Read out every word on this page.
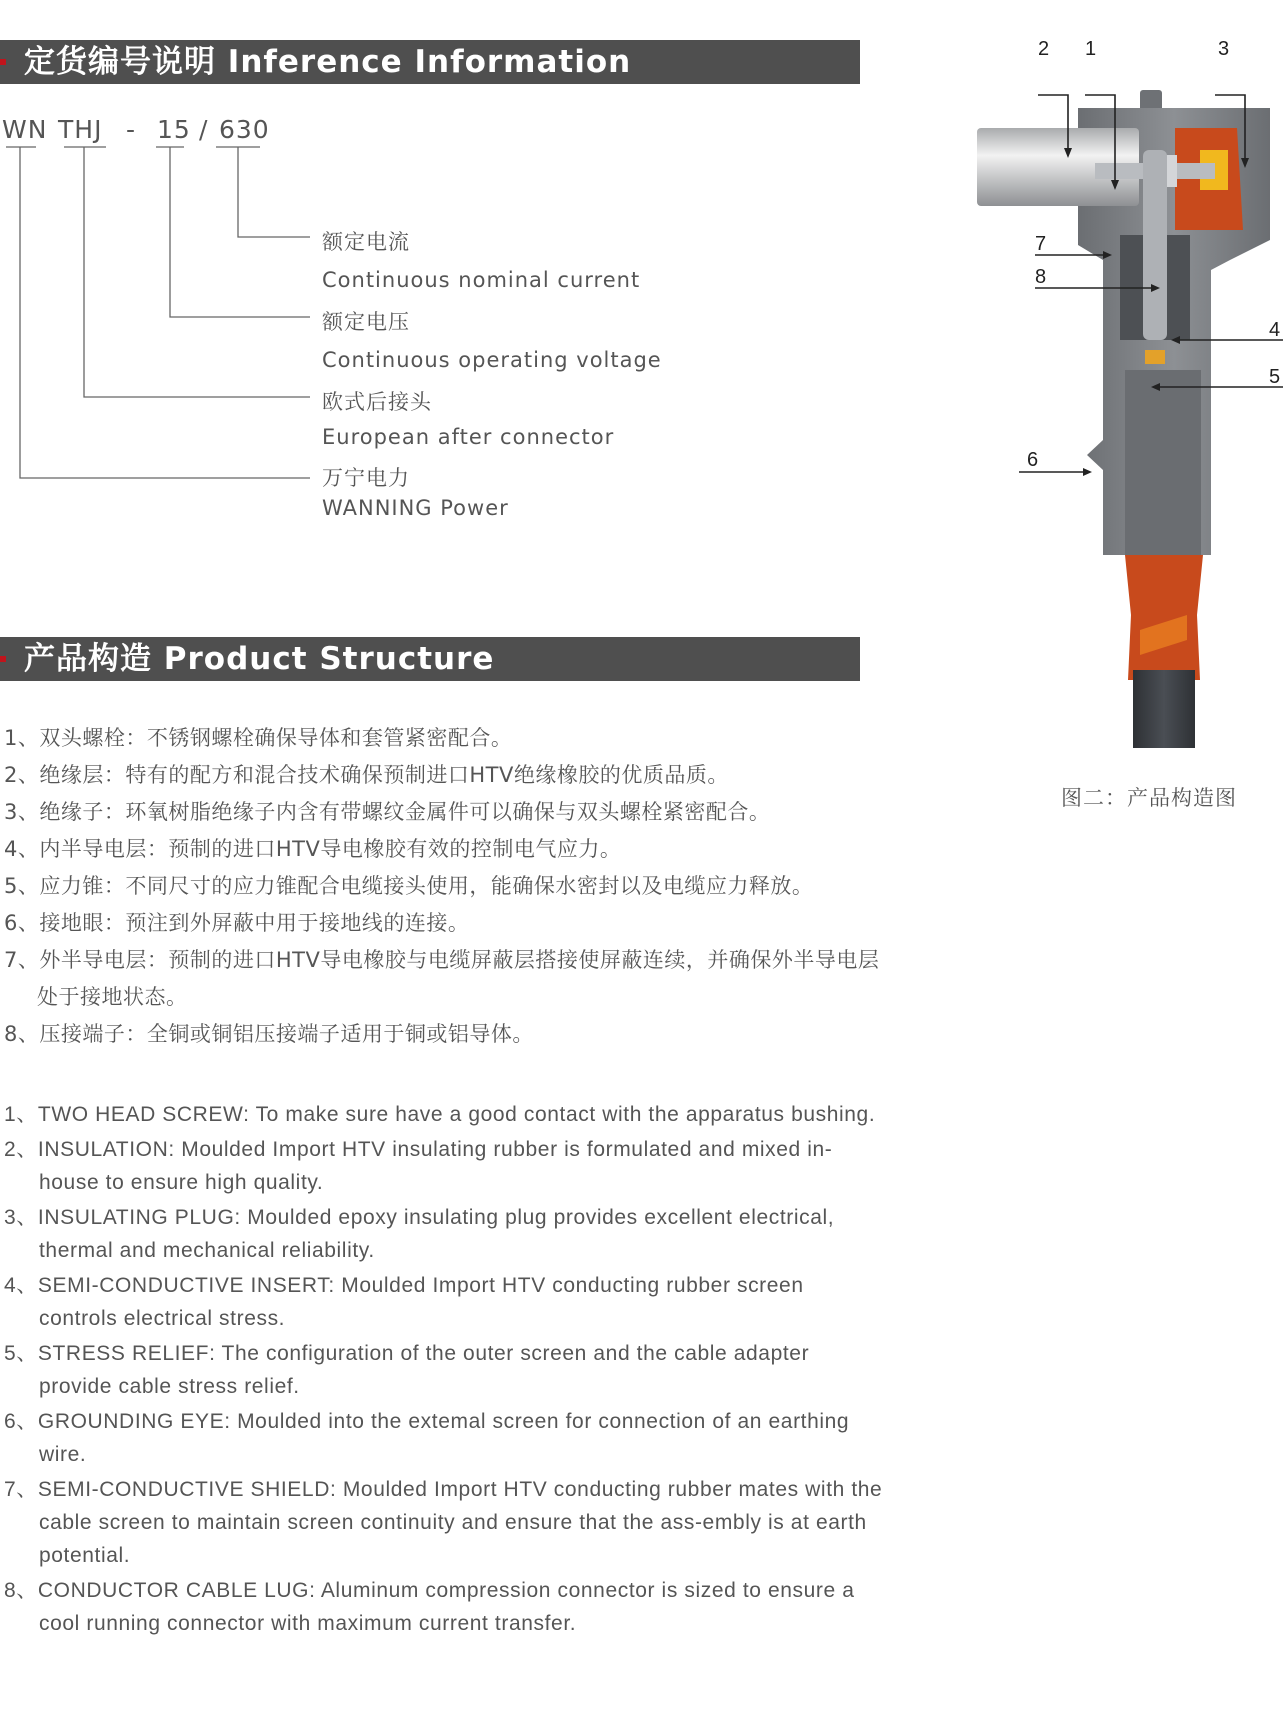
定货编号说明 Inference Information
WN THJ - 15 / 630
额定电流
Continuous nominal current
额定电压
Continuous operating voltage
欧式后接头
European after connector
万宁电力
WANNING Power
产品构造 Product Structure
1、双头螺栓：不锈钢螺栓确保导体和套管紧密配合。
2、绝缘层：特有的配方和混合技术确保预制进口HTV绝缘橡胶的优质品质。
3、绝缘子：环氧树脂绝缘子内含有带螺纹金属件可以确保与双头螺栓紧密配合。
4、内半导电层：预制的进口HTV导电橡胶有效的控制电气应力。
5、应力锥：不同尺寸的应力锥配合电缆接头使用，能确保水密封以及电缆应力释放。
6、接地眼：预注到外屏蔽中用于接地线的连接。
7、外半导电层：预制的进口HTV导电橡胶与电缆屏蔽层搭接使屏蔽连续，并确保外半导电层处于接地状态。
8、压接端子：全铜或铜铝压接端子适用于铜或铝导体。
1、TWO HEAD SCREW: To make sure have a good contact with the apparatus bushing.
2、INSULATION: Moulded Import HTV insulating rubber is formulated and mixed in-house to ensure high quality.
3、INSULATING PLUG: Moulded epoxy insulating plug provides excellent electrical, thermal and mechanical reliability.
4、SEMI-CONDUCTIVE INSERT: Moulded Import HTV conducting rubber screen controls electrical stress.
5、STRESS RELIEF: The configuration of the outer screen and the cable adapter provide cable stress relief.
6、GROUNDING EYE: Moulded into the extemal screen for connection of an earthing wire.
7、SEMI-CONDUCTIVE SHIELD: Moulded Import HTV conducting rubber mates with the cable screen to maintain screen continuity and ensure that the ass-embly is at earth potential.
8、CONDUCTOR CABLE LUG: Aluminum compression connector is sized to ensure a cool running connector with maximum current transfer.
1
2	3
4
5
6
7
8
图二：产品构造图
